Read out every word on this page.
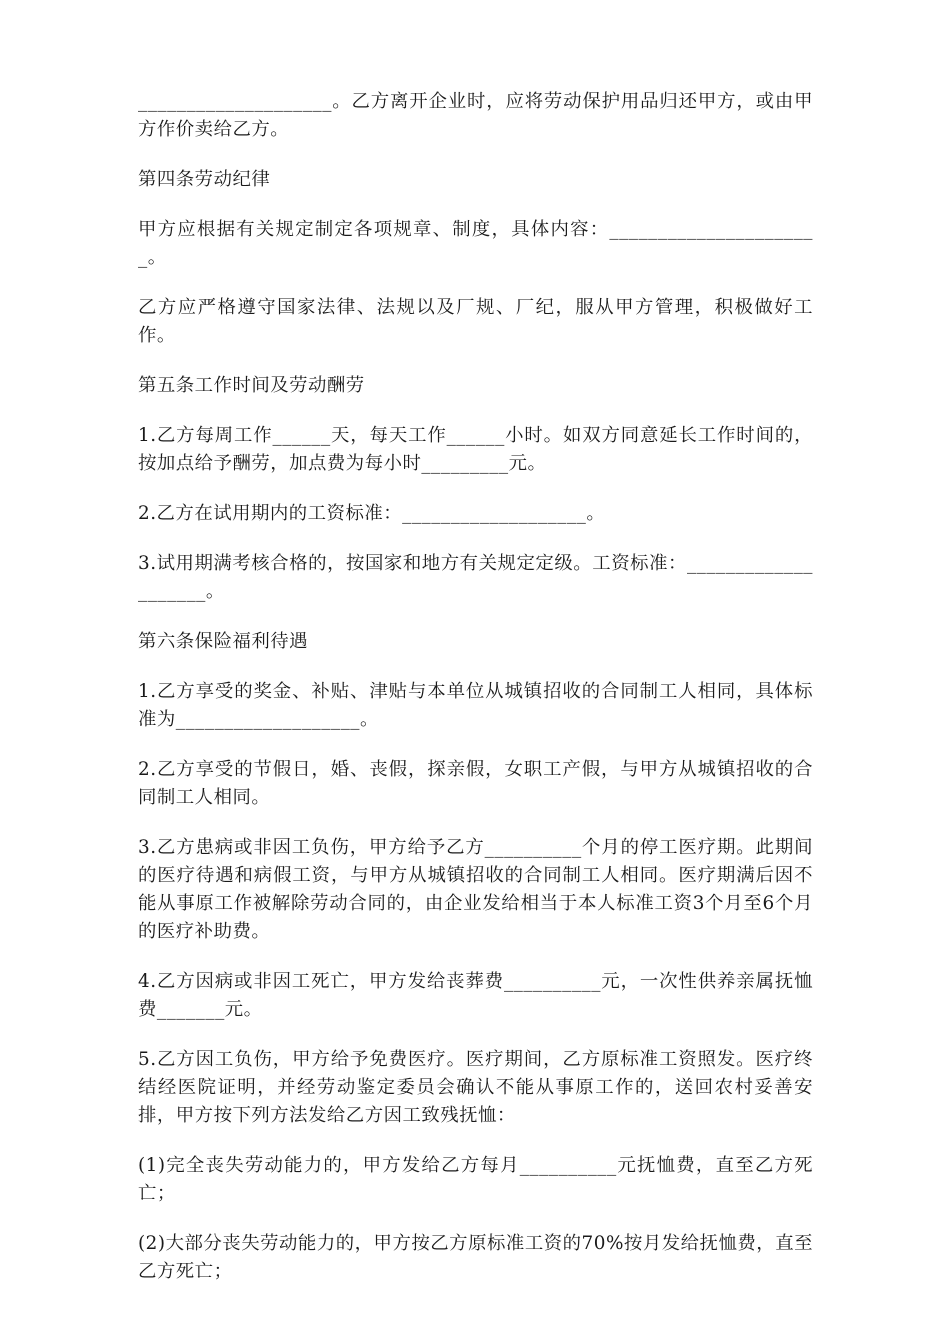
____________________。乙方离开企业时，应将劳动保护用品归还甲方，或由甲方作价卖给乙方。

第四条劳动纪律

甲方应根据有关规定制定各项规章、制度，具体内容：______________________。

乙方应严格遵守国家法律、法规以及厂规、厂纪，服从甲方管理，积极做好工作。

第五条工作时间及劳动酬劳

1.乙方每周工作______天，每天工作______小时。如双方同意延长工作时间的，按加点给予酬劳，加点费为每小时_________元。

2.乙方在试用期内的工资标准：___________________。

3.试用期满考核合格的，按国家和地方有关规定定级。工资标准：____________________。

第六条保险福利待遇

1.乙方享受的奖金、补贴、津贴与本单位从城镇招收的合同制工人相同，具体标准为___________________。

2.乙方享受的节假日，婚、丧假，探亲假，女职工产假，与甲方从城镇招收的合同制工人相同。

3.乙方患病或非因工负伤，甲方给予乙方__________个月的停工医疗期。此期间的医疗待遇和病假工资，与甲方从城镇招收的合同制工人相同。医疗期满后因不能从事原工作被解除劳动合同的，由企业发给相当于本人标准工资3个月至6个月的医疗补助费。

4.乙方因病或非因工死亡，甲方发给丧葬费__________元，一次性供养亲属抚恤费_______元。

5.乙方因工负伤，甲方给予免费医疗。医疗期间，乙方原标准工资照发。医疗终结经医院证明，并经劳动鉴定委员会确认不能从事原工作的，送回农村妥善安排，甲方按下列方法发给乙方因工致残抚恤：

(1)完全丧失劳动能力的，甲方发给乙方每月__________元抚恤费，直至乙方死亡；

(2)大部分丧失劳动能力的，甲方按乙方原标准工资的70%按月发给抚恤费，直至乙方死亡；
